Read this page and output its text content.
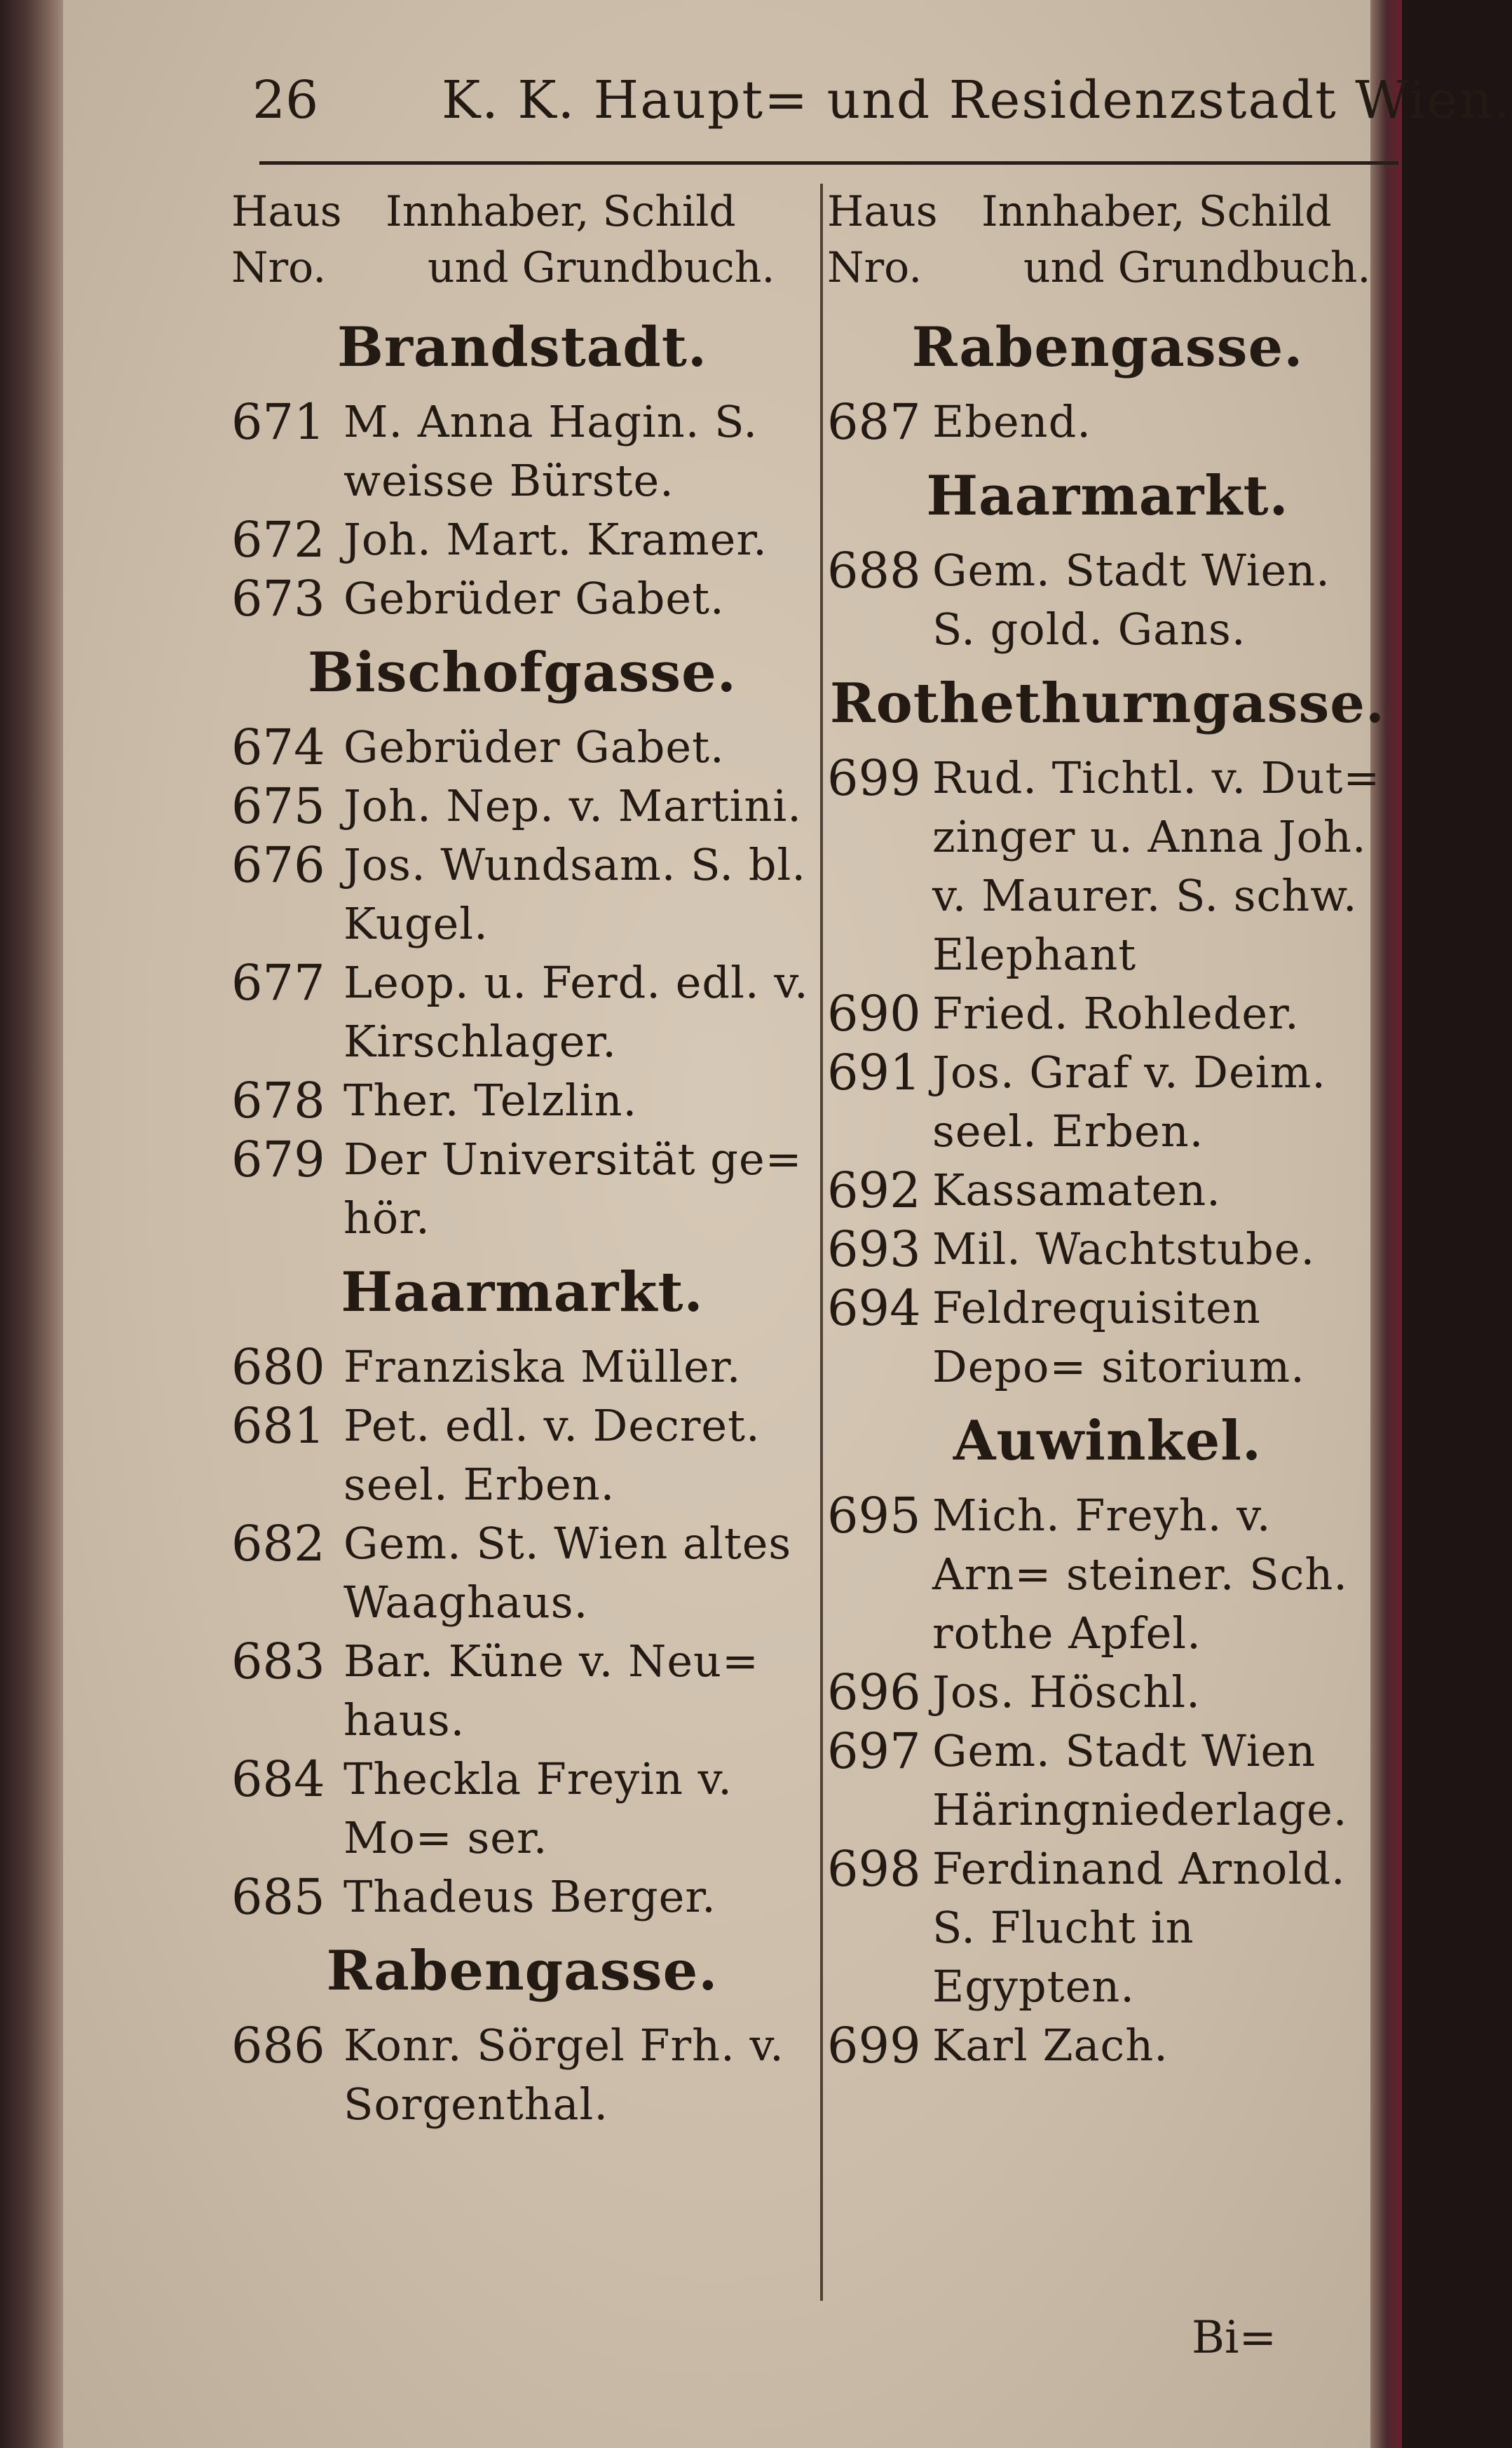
26 K. K. Haupt= und Residenzstadt Wien.
Haus Innhaber, Schild
Nro. und Grundbuch.
Brandstadt.
671 M. Anna Hagin. S. weisse Bürste.
672 Joh. Mart. Kramer.
673 Gebrüder Gabet.
Bischofgasse.
674 Gebrüder Gabet.
675 Joh. Nep. v. Martini.
676 Jos. Wundsam. S. bl. Kugel.
677 Leop. u. Ferd. edl. v. Kirschlager.
678 Ther. Telzlin.
679 Der Universität ge= hör.
Haarmarkt.
680 Franziska Müller.
681 Pet. edl. v. Decret. seel. Erben.
682 Gem. St. Wien altes Waaghaus.
683 Bar. Küne v. Neu= haus.
684 Theckla Freyin v. Mo= ser.
685 Thadeus Berger.
Rabengasse.
686 Konr. Sörgel Frh. v. Sorgenthal.
Haus Innhaber, Schild
Nro. und Grundbuch.
Rabengasse.
687 Ebend.
Haarmarkt.
688 Gem. Stadt Wien. S. gold. Gans.
Rothethurngasse.
699 Rud. Tichtl. v. Dut= zinger u. Anna Joh. v. Maurer. S. schw. Elephant
690 Fried. Rohleder.
691 Jos. Graf v. Deim. seel. Erben.
692 Kassamaten.
693 Mil. Wachtstube.
694 Feldrequisiten Depo= sitorium.
Auwinkel.
695 Mich. Freyh. v. Arn= steiner. Sch. rothe Apfel.
696 Jos. Höschl.
697 Gem. Stadt Wien Häringniederlage.
698 Ferdinand Arnold. S. Flucht in Egypten.
699 Karl Zach.
Bi=
